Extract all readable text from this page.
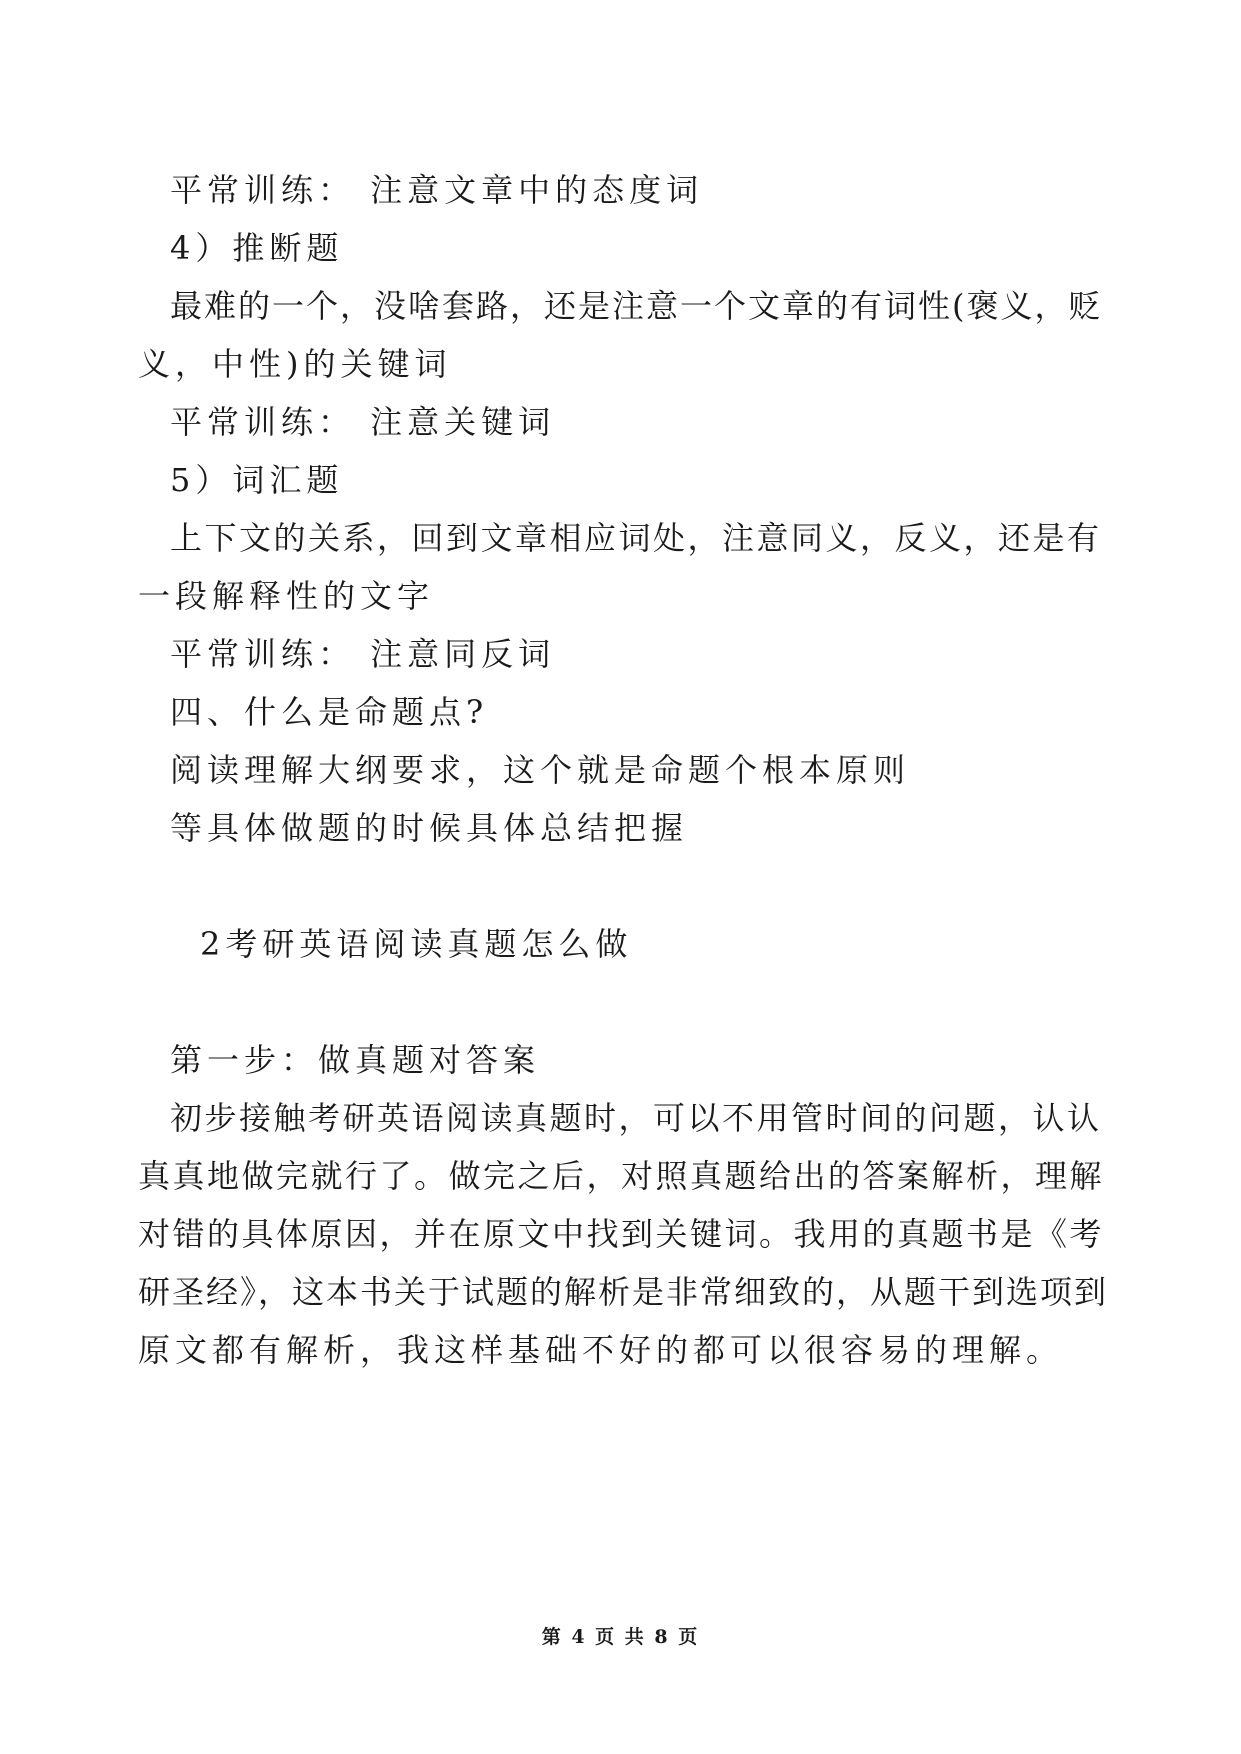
平常训练： 注意文章中的态度词
4）推断题
最难的一个，没啥套路，还是注意一个文章的有词性(褒义，贬
义，中性)的关键词
平常训练： 注意关键词
5）词汇题
上下文的关系，回到文章相应词处，注意同义，反义，还是有
一段解释性的文字
平常训练： 注意同反词
四、什么是命题点?
阅读理解大纲要求，这个就是命题个根本原则
等具体做题的时候具体总结把握
2考研英语阅读真题怎么做
第一步：做真题对答案
初步接触考研英语阅读真题时，可以不用管时间的问题，认认
真真地做完就行了。做完之后，对照真题给出的答案解析，理解
对错的具体原因，并在原文中找到关键词。我用的真题书是《考
研圣经》，这本书关于试题的解析是非常细致的，从题干到选项到
原文都有解析，我这样基础不好的都可以很容易的理解。
第 4 页 共 8 页
